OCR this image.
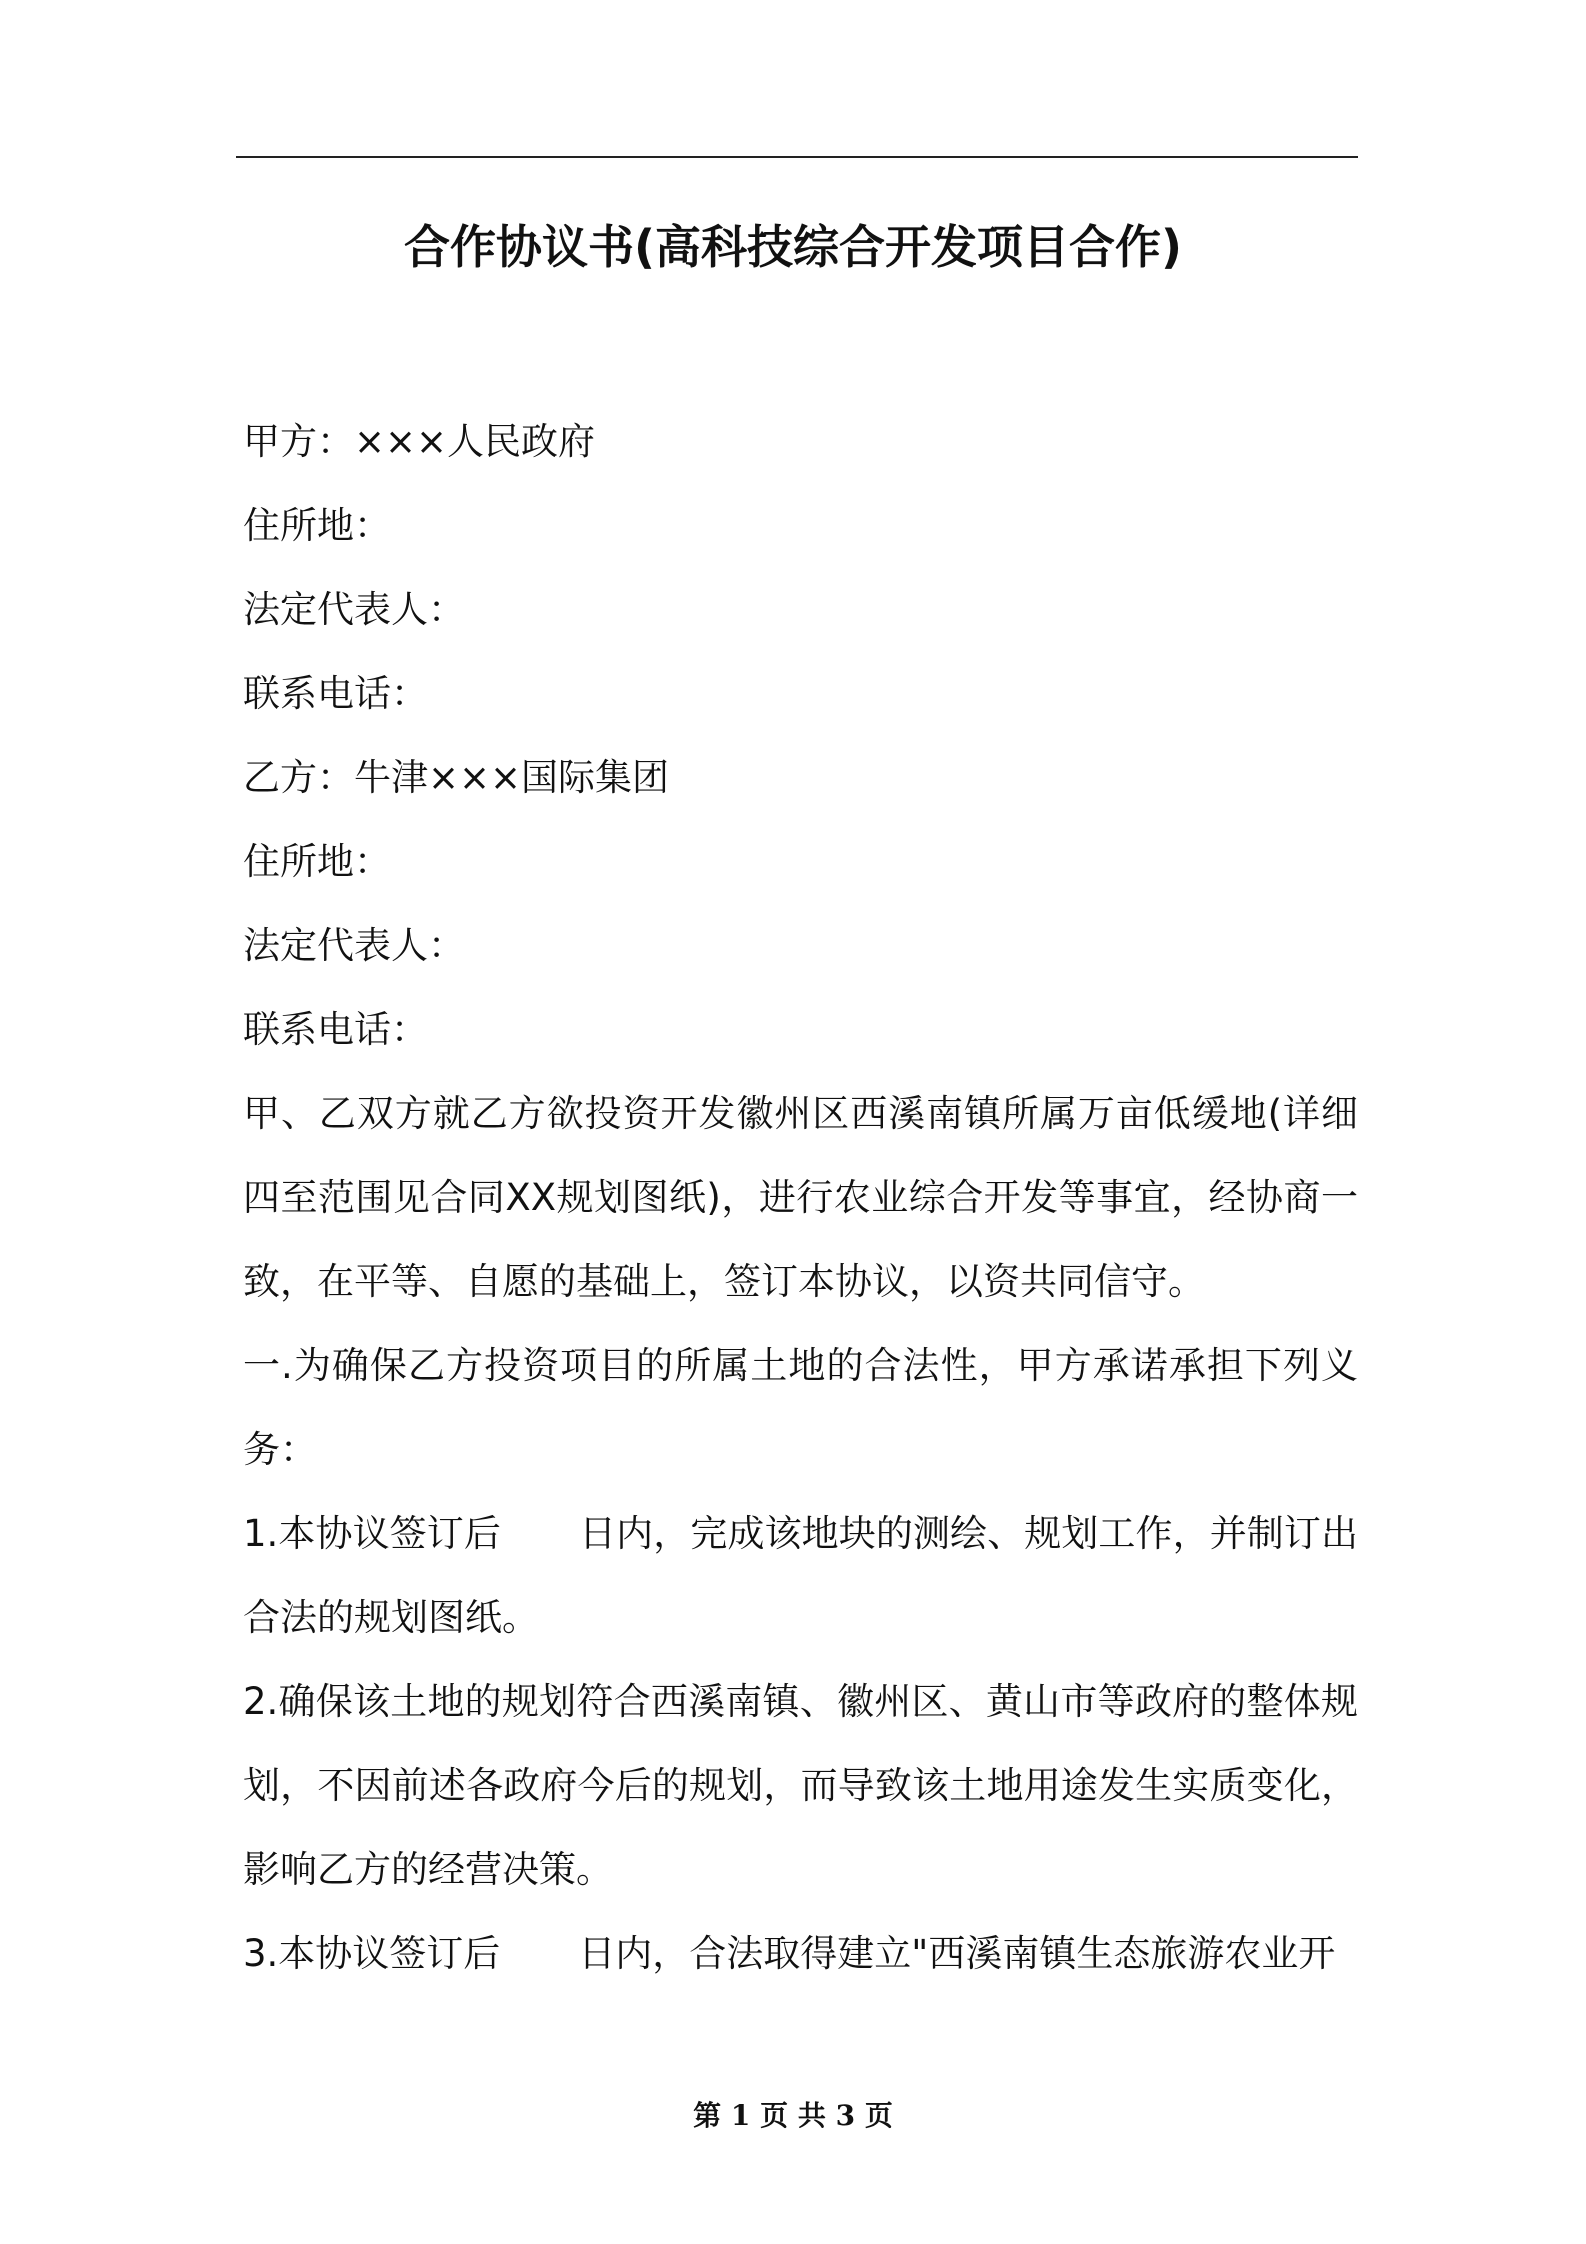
合作协议书(高科技综合开发项目合作)

甲方：×××人民政府

住所地：

法定代表人：

联系电话：

乙方：牛津×××国际集团

住所地：

法定代表人：

联系电话：

甲、乙双方就乙方欲投资开发徽州区西溪南镇所属万亩低缓地(详细四至范围见合同XX规划图纸)，进行农业综合开发等事宜，经协商一致，在平等、自愿的基础上，签订本协议，以资共同信守。

一.为确保乙方投资项目的所属土地的合法性，甲方承诺承担下列义务：

1.本协议签订后 日内，完成该地块的测绘、规划工作，并制订出合法的规划图纸。

2.确保该土地的规划符合西溪南镇、徽州区、黄山市等政府的整体规划，不因前述各政府今后的规划，而导致该土地用途发生实质变化，影响乙方的经营决策。

3.本协议签订后 日内，合法取得建立"西溪南镇生态旅游农业开

第 1 页 共 3 页
